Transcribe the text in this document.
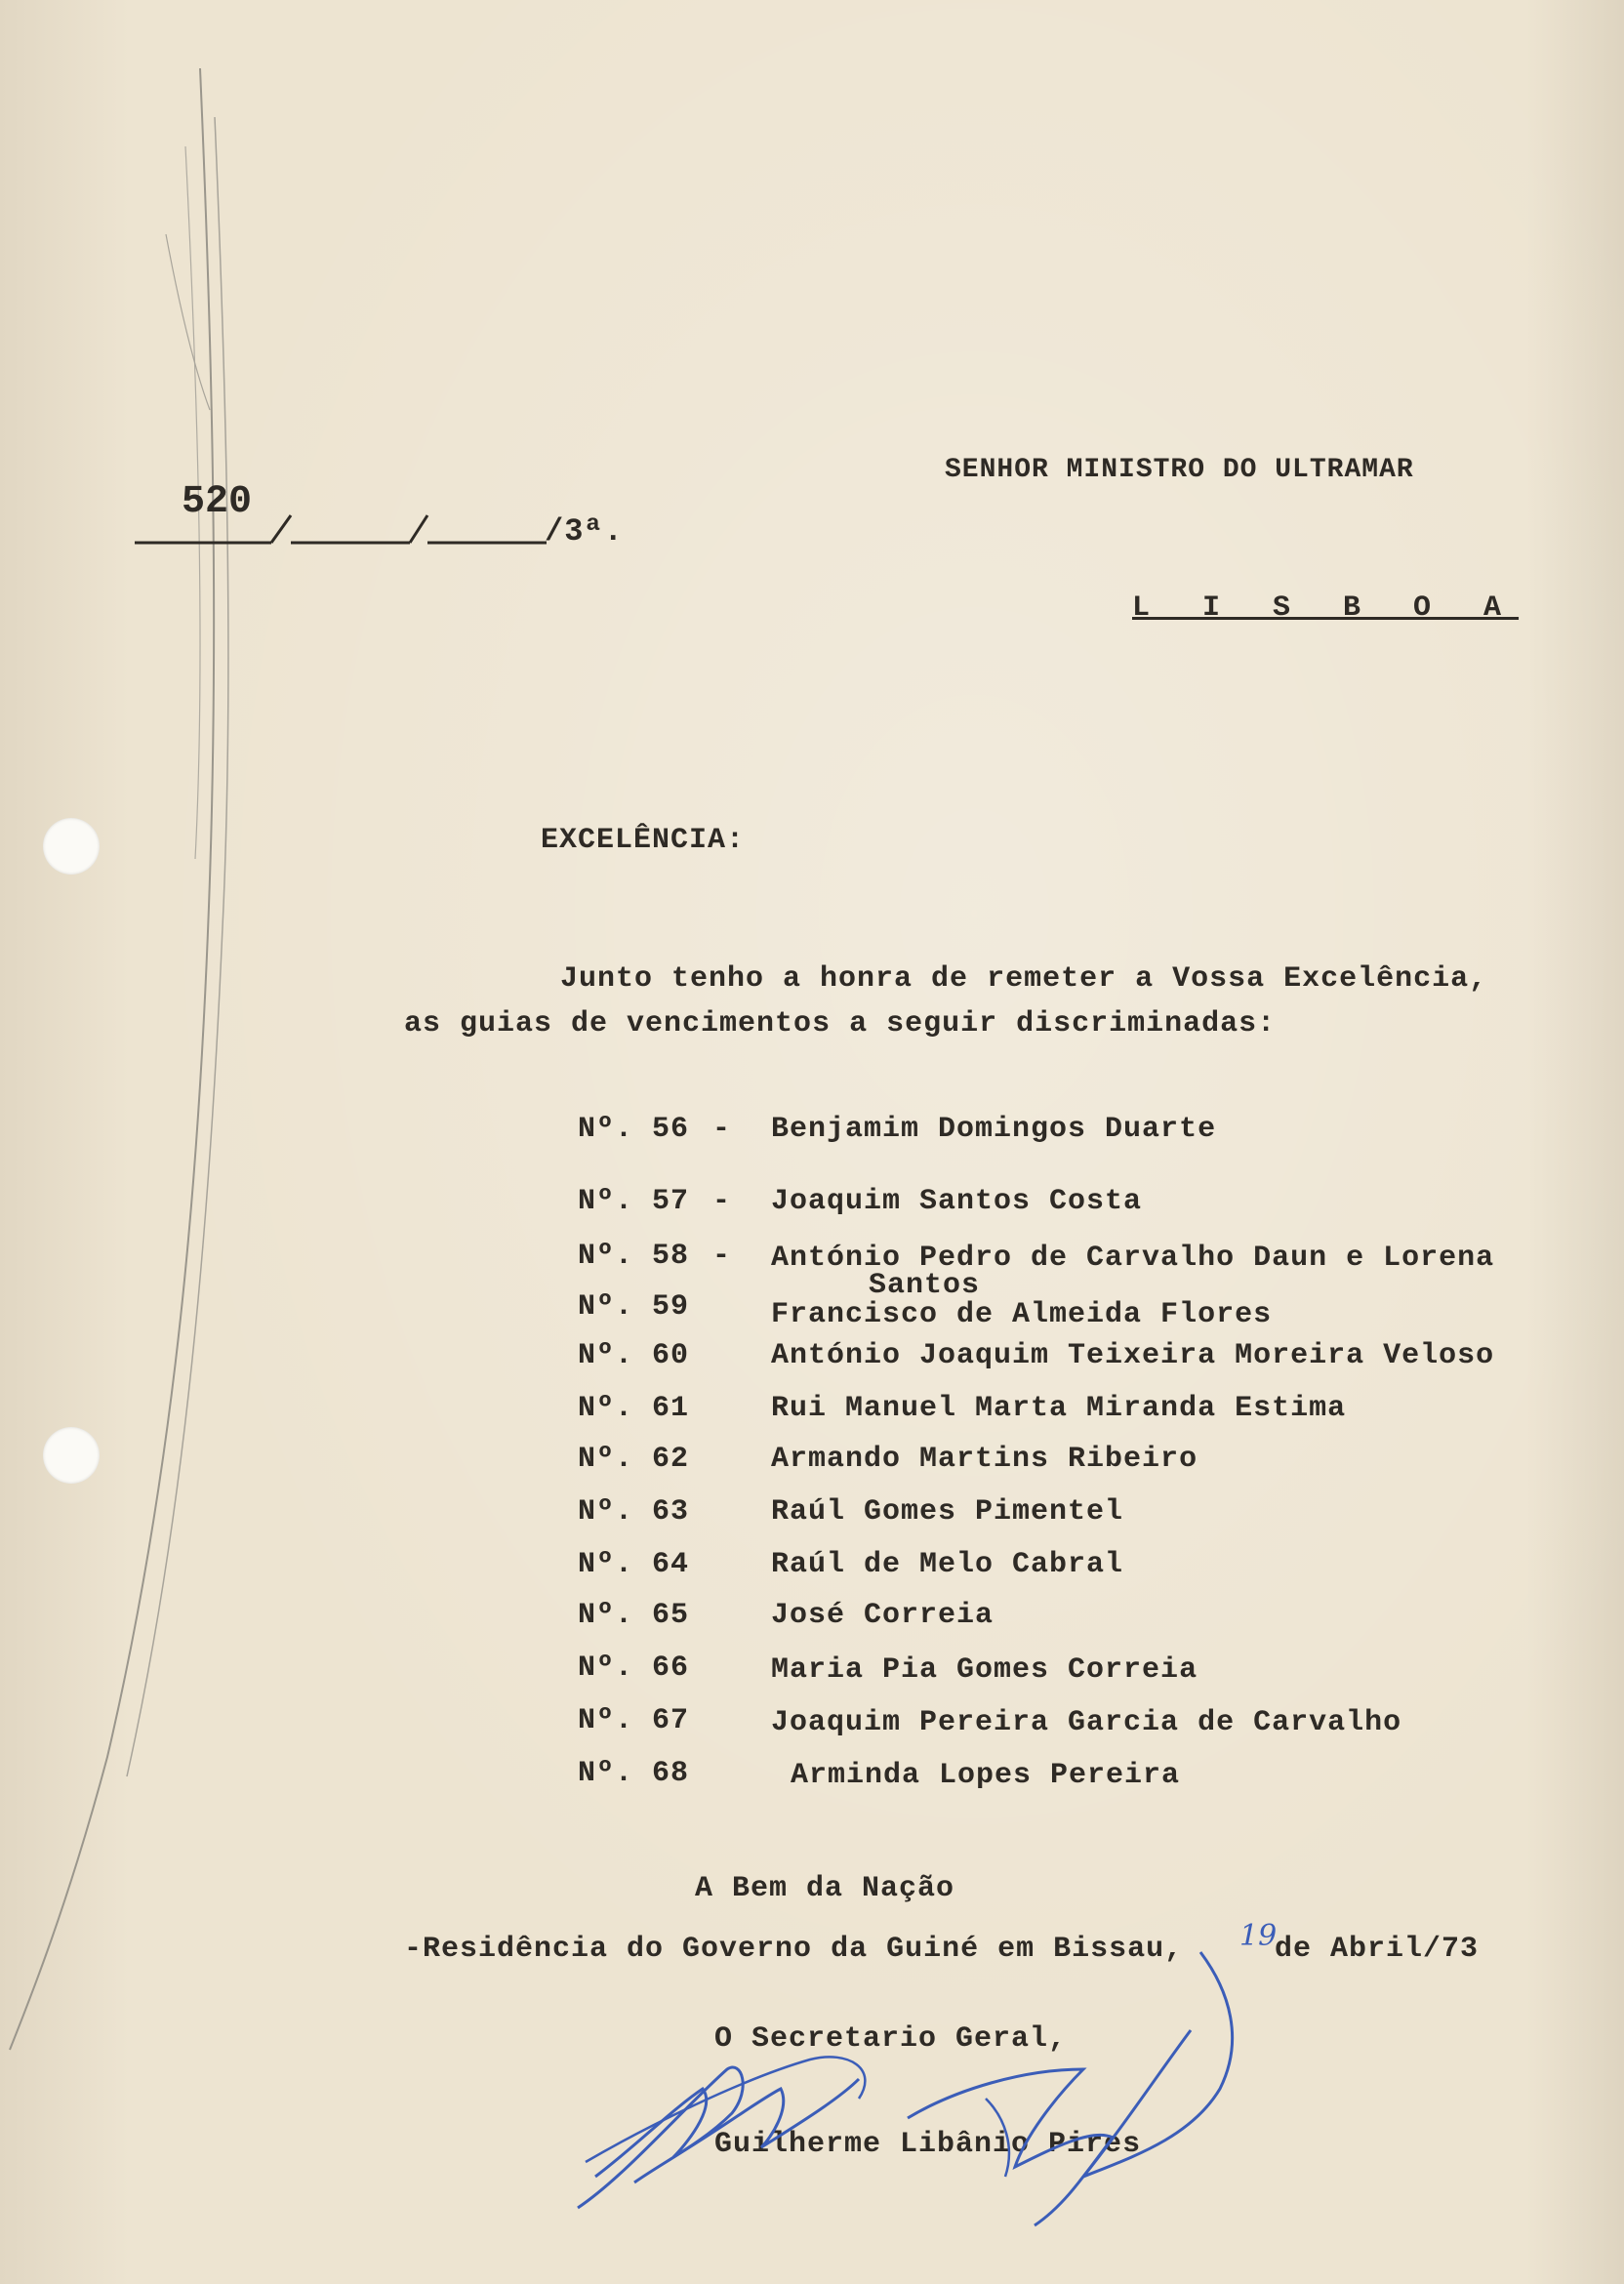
SENHOR MINISTRO DO ULTRAMAR
520
/3ª.
L I S B O A
EXCELÊNCIA:
Junto tenho a honra de remeter a Vossa Excelência,
as guias de vencimentos a seguir discriminadas:
Nº. 56 - Benjamim Domingos Duarte
Nº. 57 - Joaquim Santos Costa
Nº. 58 - António Pedro de Carvalho Daun e Lorena
Santos
Nº. 59	Francisco de Almeida Flores
Nº. 60	António Joaquim Teixeira Moreira Veloso
Nº. 61	Rui Manuel Marta Miranda Estima
Nº. 62	Armando Martins Ribeiro
Nº. 63	Raúl Gomes Pimentel
Nº. 64	Raúl de Melo Cabral
Nº. 65	José Correia
Nº. 66	Maria Pia Gomes Correia
Nº. 67	Joaquim Pereira Garcia de Carvalho
Nº. 68	Arminda Lopes Pereira
A Bem da Nação
-Residência do Governo da Guiné em Bissau, 19
de Abril/73
O Secretario Geral,
Guilherme Libânio Pires
